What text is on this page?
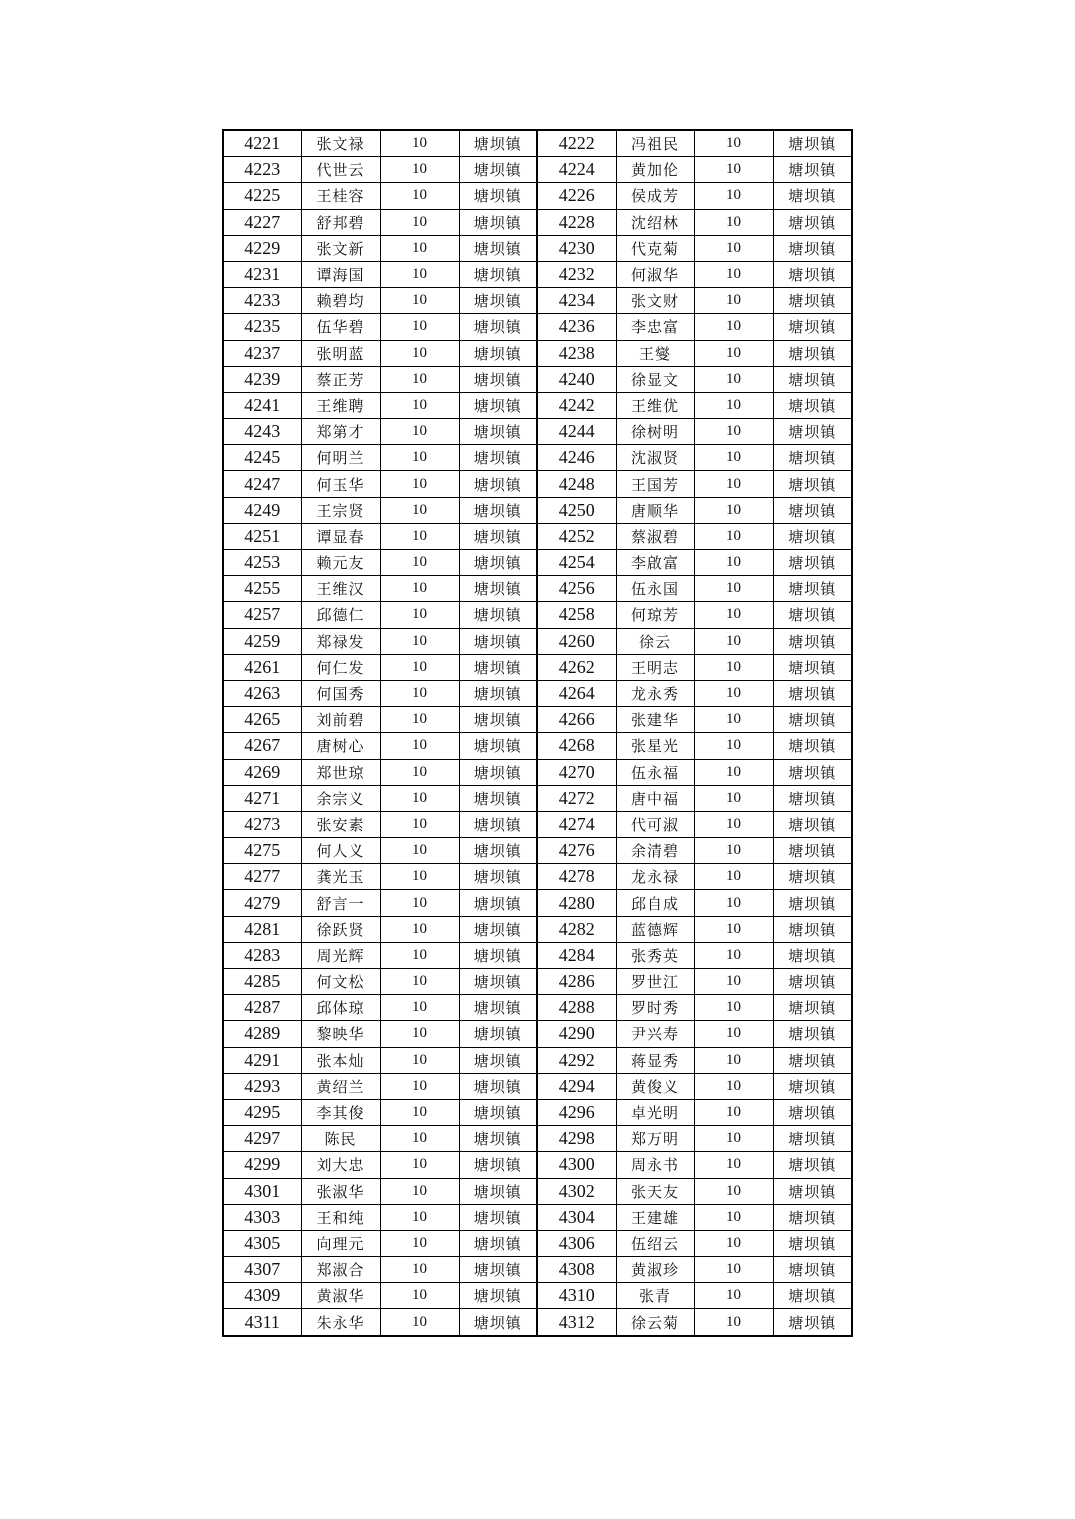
4221	张文禄	10	塘坝镇	4222	冯祖民	10	塘坝镇
4223	代世云	10	塘坝镇	4224	黄加伦	10	塘坝镇
4225	王桂容	10	塘坝镇	4226	侯成芳	10	塘坝镇
4227	舒邦碧	10	塘坝镇	4228	沈绍林	10	塘坝镇
4229	张文新	10	塘坝镇	4230	代克菊	10	塘坝镇
4231	谭海国	10	塘坝镇	4232	何淑华	10	塘坝镇
4233	赖碧均	10	塘坝镇	4234	张文财	10	塘坝镇
4235	伍华碧	10	塘坝镇	4236	李忠富	10	塘坝镇
4237	张明蓝	10	塘坝镇	4238	王燮	10	塘坝镇
4239	蔡正芳	10	塘坝镇	4240	徐显文	10	塘坝镇
4241	王维聘	10	塘坝镇	4242	王维优	10	塘坝镇
4243	郑第才	10	塘坝镇	4244	徐树明	10	塘坝镇
4245	何明兰	10	塘坝镇	4246	沈淑贤	10	塘坝镇
4247	何玉华	10	塘坝镇	4248	王国芳	10	塘坝镇
4249	王宗贤	10	塘坝镇	4250	唐顺华	10	塘坝镇
4251	谭显春	10	塘坝镇	4252	蔡淑碧	10	塘坝镇
4253	赖元友	10	塘坝镇	4254	李啟富	10	塘坝镇
4255	王维汉	10	塘坝镇	4256	伍永国	10	塘坝镇
4257	邱德仁	10	塘坝镇	4258	何琼芳	10	塘坝镇
4259	郑禄发	10	塘坝镇	4260	徐云	10	塘坝镇
4261	何仁发	10	塘坝镇	4262	王明志	10	塘坝镇
4263	何国秀	10	塘坝镇	4264	龙永秀	10	塘坝镇
4265	刘前碧	10	塘坝镇	4266	张建华	10	塘坝镇
4267	唐树心	10	塘坝镇	4268	张星光	10	塘坝镇
4269	郑世琼	10	塘坝镇	4270	伍永福	10	塘坝镇
4271	余宗义	10	塘坝镇	4272	唐中福	10	塘坝镇
4273	张安素	10	塘坝镇	4274	代可淑	10	塘坝镇
4275	何人义	10	塘坝镇	4276	余清碧	10	塘坝镇
4277	龚光玉	10	塘坝镇	4278	龙永禄	10	塘坝镇
4279	舒言一	10	塘坝镇	4280	邱自成	10	塘坝镇
4281	徐跃贤	10	塘坝镇	4282	蓝德辉	10	塘坝镇
4283	周光辉	10	塘坝镇	4284	张秀英	10	塘坝镇
4285	何文松	10	塘坝镇	4286	罗世江	10	塘坝镇
4287	邱体琼	10	塘坝镇	4288	罗时秀	10	塘坝镇
4289	黎映华	10	塘坝镇	4290	尹兴寿	10	塘坝镇
4291	张本灿	10	塘坝镇	4292	蒋显秀	10	塘坝镇
4293	黄绍兰	10	塘坝镇	4294	黄俊义	10	塘坝镇
4295	李其俊	10	塘坝镇	4296	卓光明	10	塘坝镇
4297	陈民	10	塘坝镇	4298	郑万明	10	塘坝镇
4299	刘大忠	10	塘坝镇	4300	周永书	10	塘坝镇
4301	张淑华	10	塘坝镇	4302	张天友	10	塘坝镇
4303	王和纯	10	塘坝镇	4304	王建雄	10	塘坝镇
4305	向理元	10	塘坝镇	4306	伍绍云	10	塘坝镇
4307	郑淑合	10	塘坝镇	4308	黄淑珍	10	塘坝镇
4309	黄淑华	10	塘坝镇	4310	张青	10	塘坝镇
4311	朱永华	10	塘坝镇	4312	徐云菊	10	塘坝镇
